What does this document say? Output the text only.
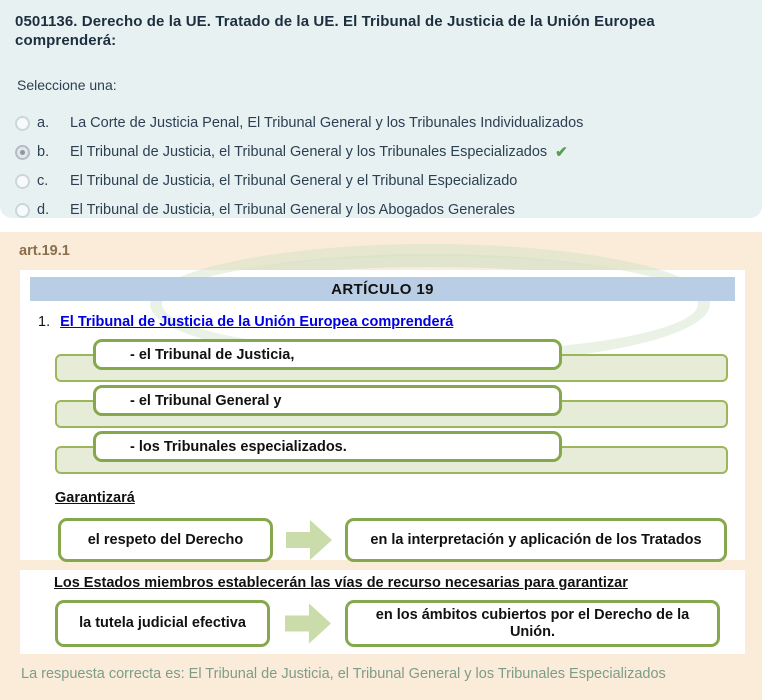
0501136. Derecho de la UE. Tratado de la UE. El Tribunal de Justicia de la Unión Europea comprenderá:
Seleccione una:
a.	La Corte de Justicia Penal, El Tribunal General y los Tribunales Individualizados
b.	El Tribunal de Justicia, el Tribunal General y los Tribunales Especializados ✔
c.	El Tribunal de Justicia, el Tribunal General y el Tribunal Especializado
d.	El Tribunal de Justicia, el Tribunal General y los Abogados Generales
art.19.1
ARTÍCULO 19
1. El Tribunal de Justicia de la Unión Europea comprenderá
- el Tribunal de Justicia,
- el Tribunal General y
- los Tribunales especializados.
Garantizará
el respeto del Derecho	en la interpretación y aplicación de los Tratados
Los Estados miembros establecerán las vías de recurso necesarias para garantizar
la tutela judicial efectiva
en los ámbitos cubiertos por el Derecho de la Unión.
La respuesta correcta es: El Tribunal de Justicia, el Tribunal General y los Tribunales Especializados
